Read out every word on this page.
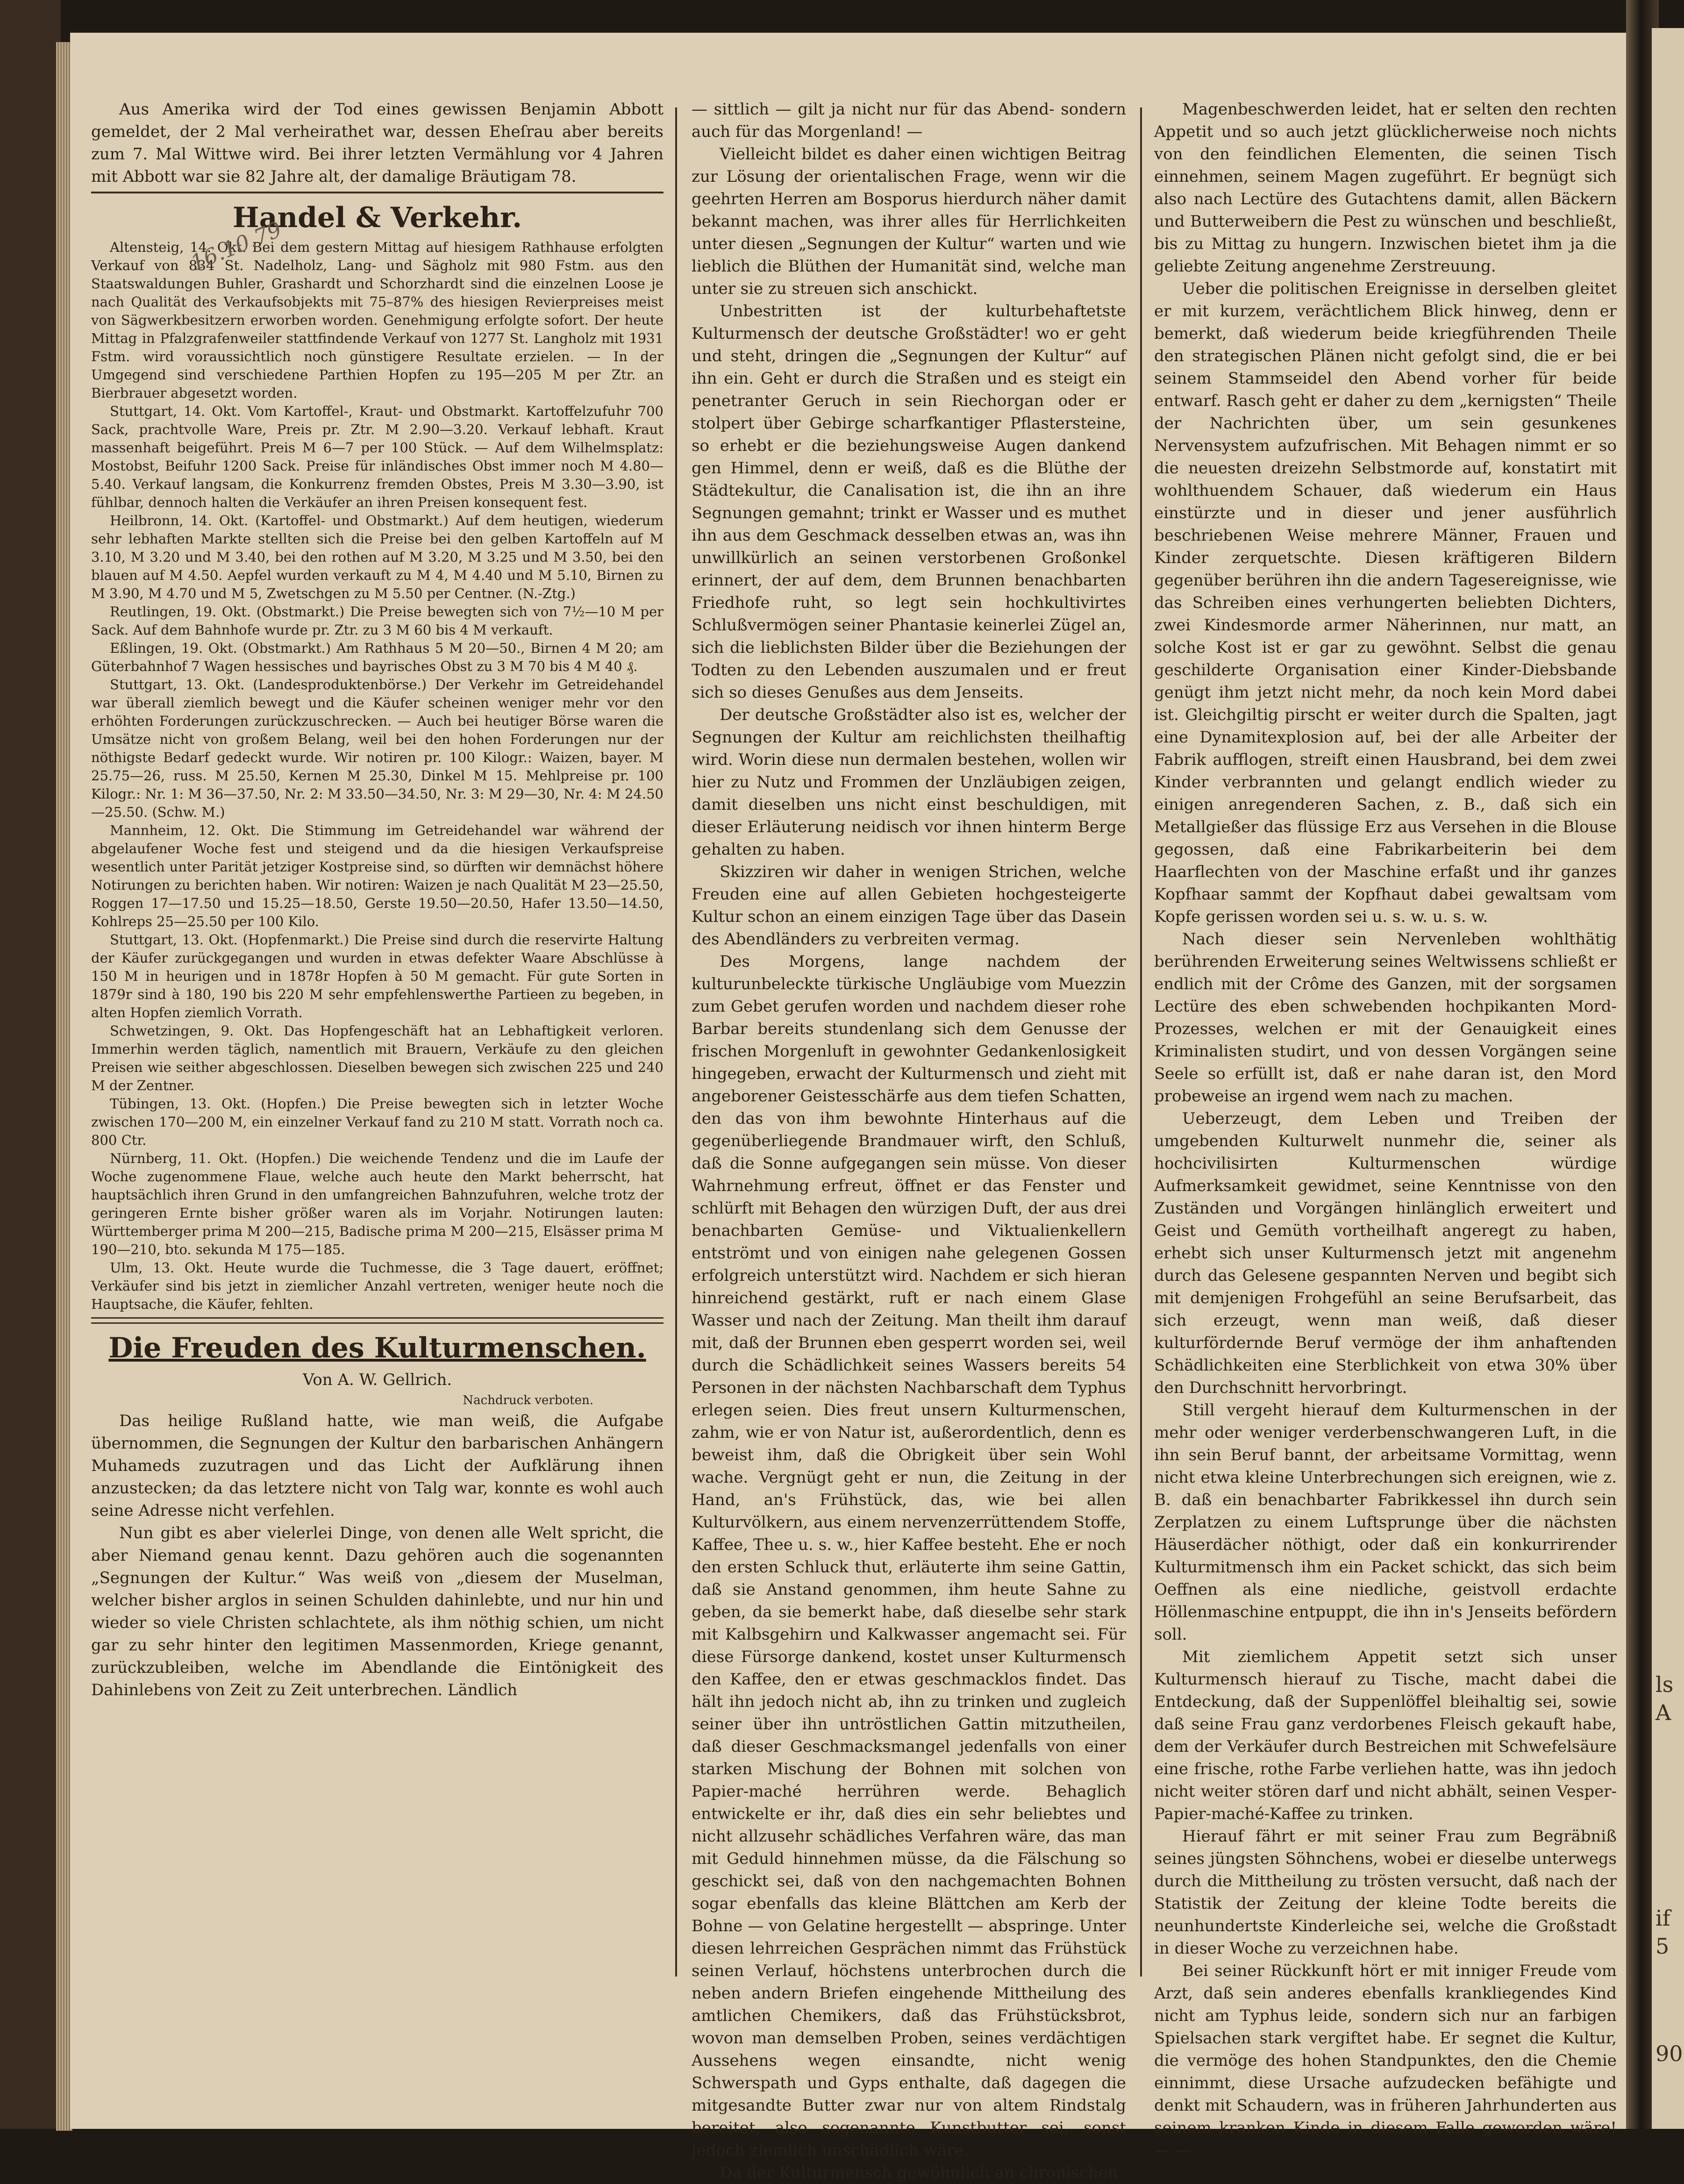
Aus Amerika wird der Tod eines gewissen Benjamin Abbott gemeldet, der 2 Mal verheirathet war, dessen Eheſrau aber bereits zum 7. Mal Wittwe wird. Bei ihrer letzten Vermählung vor 4 Jahren mit Abbott war sie 82 Jahre alt, der damalige Bräutigam 78.

Handel & Verkehr.

Altensteig, 14. Okt. Bei dem gestern Mittag auf hiesigem Rathhause erfolgten Verkauf von 834 St. Nadelholz, Lang- und Sägholz mit 980 Fstm. aus den Staatswaldungen Buhler, Grashardt und Schorzhardt sind die einzelnen Loose je nach Qualität des Verkaufsobjekts mit 75–87% des hiesigen Revierpreises meist von Sägwerkbesitzern erworben worden. Genehmigung erfolgte sofort. Der heute Mittag in Pfalzgrafenweiler stattfindende Verkauf von 1277 St. Langholz mit 1931 Fstm. wird voraussichtlich noch günstigere Resultate erzielen. — In der Umgegend sind verschiedene Parthien Hopfen zu 195—205 M per Ztr. an Bierbrauer abgesetzt worden.

Stuttgart, 14. Okt. Vom Kartoffel-, Kraut- und Obstmarkt. Kartoffelzufuhr 700 Sack, prachtvolle Ware, Preis pr. Ztr. M 2.90—3.20. Verkauf lebhaft. Kraut massenhaft beigeführt. Preis M 6—7 per 100 Stück. — Auf dem Wilhelmsplatz: Mostobst, Beifuhr 1200 Sack. Preise für inländisches Obst immer noch M 4.80—5.40. Verkauf langsam, die Konkurrenz fremden Obstes, Preis M 3.30—3.90, ist fühlbar, dennoch halten die Verkäufer an ihren Preisen konsequent fest.

Heilbronn, 14. Okt. (Kartoffel- und Obstmarkt.) Auf dem heutigen, wiederum sehr lebhaften Markte stellten sich die Preise bei den gelben Kartoffeln auf M 3.10, M 3.20 und M 3.40, bei den rothen auf M 3.20, M 3.25 und M 3.50, bei den blauen auf M 4.50. Aepfel wurden verkauft zu M 4, M 4.40 und M 5.10, Birnen zu M 3.90, M 4.70 und M 5, Zwetschgen zu M 5.50 per Centner. (N.-Ztg.)

Reutlingen, 19. Okt. (Obstmarkt.) Die Preise bewegten sich von 7½—10 M per Sack. Auf dem Bahnhofe wurde pr. Ztr. zu 3 M 60 bis 4 M verkauft.

Eßlingen, 19. Okt. (Obstmarkt.) Am Rathhaus 5 M 20—50., Birnen 4 M 20; am Güterbahnhof 7 Wagen hessisches und bayrisches Obst zu 3 M 70 bis 4 M 40 ₰.

Stuttgart, 13. Okt. (Landesproduktenbörse.) Der Verkehr im Getreidehandel war überall ziemlich bewegt und die Käufer scheinen weniger mehr vor den erhöhten Forderungen zurückzuschrecken. — Auch bei heutiger Börse waren die Umsätze nicht von großem Belang, weil bei den hohen Forderungen nur der nöthigste Bedarf gedeckt wurde. Wir notiren pr. 100 Kilogr.: Waizen, bayer. M 25.75—26, russ. M 25.50, Kernen M 25.30, Dinkel M 15. Mehlpreise pr. 100 Kilogr.: Nr. 1: M 36—37.50, Nr. 2: M 33.50—34.50, Nr. 3: M 29—30, Nr. 4: M 24.50—25.50. (Schw. M.)

Mannheim, 12. Okt. Die Stimmung im Getreidehandel war während der abgelaufener Woche fest und steigend und da die hiesigen Verkaufspreise wesentlich unter Parität jetziger Kostpreise sind, so dürften wir demnächst höhere Notirungen zu berichten haben. Wir notiren: Waizen je nach Qualität M 23—25.50, Roggen 17—17.50 und 15.25—18.50, Gerste 19.50—20.50, Hafer 13.50—14.50, Kohlreps 25—25.50 per 100 Kilo.

Stuttgart, 13. Okt. (Hopfenmarkt.) Die Preise sind durch die reservirte Haltung der Käufer zurückgegangen und wurden in etwas defekter Waare Abschlüsse à 150 M in heurigen und in 1878r Hopfen à 50 M gemacht. Für gute Sorten in 1879r sind à 180, 190 bis 220 M sehr empfehlenswerthe Partieen zu begeben, in alten Hopfen ziemlich Vorrath.

Schwetzingen, 9. Okt. Das Hopfengeschäft hat an Lebhaftigkeit verloren. Immerhin werden täglich, namentlich mit Brauern, Verkäufe zu den gleichen Preisen wie seither abgeschlossen. Dieselben bewegen sich zwischen 225 und 240 M der Zentner.

Tübingen, 13. Okt. (Hopfen.) Die Preise bewegten sich in letzter Woche zwischen 170—200 M, ein einzelner Verkauf fand zu 210 M statt. Vorrath noch ca. 800 Ctr.

Nürnberg, 11. Okt. (Hopfen.) Die weichende Tendenz und die im Laufe der Woche zugenommene Flaue, welche auch heute den Markt beherrscht, hat hauptsächlich ihren Grund in den umfangreichen Bahnzufuhren, welche trotz der geringeren Ernte bisher größer waren als im Vorjahr. Notirungen lauten: Württemberger prima M 200—215, Badische prima M 200—215, Elsässer prima M 190—210, bto. sekunda M 175—185.

Ulm, 13. Okt. Heute wurde die Tuchmesse, die 3 Tage dauert, eröffnet; Verkäufer sind bis jetzt in ziemlicher Anzahl vertreten, weniger heute noch die Hauptsache, die Käufer, fehlten.

Die Freuden des Kulturmenschen.
Von A. W. Gellrich.
Nachdruck verboten.

Das heilige Rußland hatte, wie man weiß, die Aufgabe übernommen, die Segnungen der Kultur den barbarischen Anhängern Muhameds zuzutragen und das Licht der Aufklärung ihnen anzustecken; da das letztere nicht von Talg war, konnte es wohl auch seine Adresse nicht verfehlen.

Nun gibt es aber vielerlei Dinge, von denen alle Welt spricht, die aber Niemand genau kennt. Dazu gehören auch die sogenannten „Segnungen der Kultur.“ Was weiß von „diesem der Muselman, welcher bisher arglos in seinen Schulden dahinlebte, und nur hin und wieder so viele Christen schlachtete, als ihm nöthig schien, um nicht gar zu sehr hinter den legitimen Massenmorden, Kriege genannt, zurückzubleiben, welche im Abendlande die Eintönigkeit des Dahinlebens von Zeit zu Zeit unterbrechen. Ländlich

— sittlich — gilt ja nicht nur für das Abend- sondern auch für das Morgenland! —

Vielleicht bildet es daher einen wichtigen Beitrag zur Lösung der orientalischen Frage, wenn wir die geehrten Herren am Bosporus hierdurch näher damit bekannt machen, was ihrer alles für Herrlichkeiten unter diesen „Segnungen der Kultur“ warten und wie lieblich die Blüthen der Humanität sind, welche man unter sie zu streuen sich anschickt.

Unbestritten ist der kulturbehaftetste Kulturmensch der deutsche Großstädter! wo er geht und steht, dringen die „Segnungen der Kultur“ auf ihn ein. Geht er durch die Straßen und es steigt ein penetranter Geruch in sein Riechorgan oder er stolpert über Gebirge scharfkantiger Pflastersteine, so erhebt er die beziehungsweise Augen dankend gen Himmel, denn er weiß, daß es die Blüthe der Städtekultur, die Canalisation ist, die ihn an ihre Segnungen gemahnt; trinkt er Wasser und es muthet ihn aus dem Geschmack desselben etwas an, was ihn unwillkürlich an seinen verstorbenen Großonkel erinnert, der auf dem, dem Brunnen benachbarten Friedhofe ruht, so legt sein hochkultivirtes Schlußvermögen seiner Phantasie keinerlei Zügel an, sich die lieblichsten Bilder über die Beziehungen der Todten zu den Lebenden auszumalen und er freut sich so dieses Genußes aus dem Jenseits.

Der deutsche Großstädter also ist es, welcher der Segnungen der Kultur am reichlichsten theilhaftig wird. Worin diese nun dermalen bestehen, wollen wir hier zu Nutz und Frommen der Unzläubigen zeigen, damit dieselben uns nicht einst beschuldigen, mit dieser Erläuterung neidisch vor ihnen hinterm Berge gehalten zu haben.

Skizziren wir daher in wenigen Strichen, welche Freuden eine auf allen Gebieten hochgesteigerte Kultur schon an einem einzigen Tage über das Dasein des Abendländers zu verbreiten vermag.

Des Morgens, lange nachdem der kulturunbeleckte türkische Ungläubige vom Muezzin zum Gebet gerufen worden und nachdem dieser rohe Barbar bereits stundenlang sich dem Genusse der frischen Morgenluft in gewohnter Gedankenlosigkeit hingegeben, erwacht der Kulturmensch und zieht mit angeborener Geistesschärfe aus dem tiefen Schatten, den das von ihm bewohnte Hinterhaus auf die gegenüberliegende Brandmauer wirft, den Schluß, daß die Sonne aufgegangen sein müsse. Von dieser Wahrnehmung erfreut, öffnet er das Fenster und schlürft mit Behagen den würzigen Duft, der aus drei benachbarten Gemüse- und Viktualienkellern entströmt und von einigen nahe gelegenen Gossen erfolgreich unterstützt wird. Nachdem er sich hieran hinreichend gestärkt, ruft er nach einem Glase Wasser und nach der Zeitung. Man theilt ihm darauf mit, daß der Brunnen eben gesperrt worden sei, weil durch die Schädlichkeit seines Wassers bereits 54 Personen in der nächsten Nachbarschaft dem Typhus erlegen seien. Dies freut unsern Kulturmenschen, zahm, wie er von Natur ist, außerordentlich, denn es beweist ihm, daß die Obrigkeit über sein Wohl wache. Vergnügt geht er nun, die Zeitung in der Hand, an's Frühstück, das, wie bei allen Kulturvölkern, aus einem nervenzerrüttendem Stoffe, Kaffee, Thee u. s. w., hier Kaffee besteht. Ehe er noch den ersten Schluck thut, erläuterte ihm seine Gattin, daß sie Anstand genommen, ihm heute Sahne zu geben, da sie bemerkt habe, daß dieselbe sehr stark mit Kalbsgehirn und Kalkwasser angemacht sei. Für diese Fürsorge dankend, kostet unser Kulturmensch den Kaffee, den er etwas geschmacklos findet. Das hält ihn jedoch nicht ab, ihn zu trinken und zugleich seiner über ihn untröstlichen Gattin mitzutheilen, daß dieser Geschmacksmangel jedenfalls von einer starken Mischung der Bohnen mit solchen von Papier-maché herrühren werde. Behaglich entwickelte er ihr, daß dies ein sehr beliebtes und nicht allzusehr schädliches Verfahren wäre, das man mit Geduld hinnehmen müsse, da die Fälschung so geschickt sei, daß von den nachgemachten Bohnen sogar ebenfalls das kleine Blättchen am Kerb der Bohne — von Gelatine hergestellt — abspringe. Unter diesen lehrreichen Gesprächen nimmt das Frühstück seinen Verlauf, höchstens unterbrochen durch die neben andern Briefen eingehende Mittheilung des amtlichen Chemikers, daß das Frühstücksbrot, wovon man demselben Proben, seines verdächtigen Aussehens wegen einsandte, nicht wenig Schwerspath und Gyps enthalte, daß dagegen die mitgesandte Butter zwar nur von altem Rindstalg bereitet, also sogenannte Kunstbutter sei, sonst jedoch ziemlich unschädlich wäre.

Da der Kulturmensch gewöhnlich an chronischen

Magenbeschwerden leidet, hat er selten den rechten Appetit und so auch jetzt glücklicherweise noch nichts von den feindlichen Elementen, die seinen Tisch einnehmen, seinem Magen zugeführt. Er begnügt sich also nach Lectüre des Gutachtens damit, allen Bäckern und Butterweibern die Pest zu wünschen und beschließt, bis zu Mittag zu hungern. Inzwischen bietet ihm ja die geliebte Zeitung angenehme Zerstreuung.

Ueber die politischen Ereignisse in derselben gleitet er mit kurzem, verächtlichem Blick hinweg, denn er bemerkt, daß wiederum beide kriegführenden Theile den strategischen Plänen nicht gefolgt sind, die er bei seinem Stammseidel den Abend vorher für beide entwarf. Rasch geht er daher zu dem „kernigsten“ Theile der Nachrichten über, um sein gesunkenes Nervensystem aufzufrischen. Mit Behagen nimmt er so die neuesten dreizehn Selbstmorde auf, konstatirt mit wohlthuendem Schauer, daß wiederum ein Haus einstürzte und in dieser und jener ausführlich beschriebenen Weise mehrere Männer, Frauen und Kinder zerquetschte. Diesen kräftigeren Bildern gegenüber berühren ihn die andern Tagesereignisse, wie das Schreiben eines verhungerten beliebten Dichters, zwei Kindesmorde armer Näherinnen, nur matt, an solche Kost ist er gar zu gewöhnt. Selbst die genau geschilderte Organisation einer Kinder-Diebsbande genügt ihm jetzt nicht mehr, da noch kein Mord dabei ist. Gleichgiltig pirscht er weiter durch die Spalten, jagt eine Dynamitexplosion auf, bei der alle Arbeiter der Fabrik aufflogen, streift einen Hausbrand, bei dem zwei Kinder verbrannten und gelangt endlich wieder zu einigen anregenderen Sachen, z. B., daß sich ein Metallgießer das flüssige Erz aus Versehen in die Blouse gegossen, daß eine Fabrikarbeiterin bei dem Haarflechten von der Maschine erfaßt und ihr ganzes Kopfhaar sammt der Kopfhaut dabei gewaltsam vom Kopfe gerissen worden sei u. s. w. u. s. w.

Nach dieser sein Nervenleben wohlthätig berührenden Erweiterung seines Weltwissens schließt er endlich mit der Crôme des Ganzen, mit der sorgsamen Lectüre des eben schwebenden hochpikanten Mord-Prozesses, welchen er mit der Genauigkeit eines Kriminalisten studirt, und von dessen Vorgängen seine Seele so erfüllt ist, daß er nahe daran ist, den Mord probeweise an irgend wem nach zu machen.

Ueberzeugt, dem Leben und Treiben der umgebenden Kulturwelt nunmehr die, seiner als hochcivilisirten Kulturmenschen würdige Aufmerksamkeit gewidmet, seine Kenntnisse von den Zuständen und Vorgängen hinlänglich erweitert und Geist und Gemüth vortheilhaft angeregt zu haben, erhebt sich unser Kulturmensch jetzt mit angenehm durch das Gelesene gespannten Nerven und begibt sich mit demjenigen Frohgefühl an seine Berufsarbeit, das sich erzeugt, wenn man weiß, daß dieser kulturfördernde Beruf vermöge der ihm anhaftenden Schädlichkeiten eine Sterblichkeit von etwa 30% über den Durchschnitt hervorbringt.

Still vergeht hierauf dem Kulturmenschen in der mehr oder weniger verderbenschwangeren Luft, in die ihn sein Beruf bannt, der arbeitsame Vormittag, wenn nicht etwa kleine Unterbrechungen sich ereignen, wie z. B. daß ein benachbarter Fabrikkessel ihn durch sein Zerplatzen zu einem Luftsprunge über die nächsten Häuserdächer nöthigt, oder daß ein konkurrirender Kulturmitmensch ihm ein Packet schickt, das sich beim Oeffnen als eine niedliche, geistvoll erdachte Höllenmaschine entpuppt, die ihn in's Jenseits befördern soll.

Mit ziemlichem Appetit setzt sich unser Kulturmensch hierauf zu Tische, macht dabei die Entdeckung, daß der Suppenlöffel bleihaltig sei, sowie daß seine Frau ganz verdorbenes Fleisch gekauft habe, dem der Verkäufer durch Bestreichen mit Schwefelsäure eine frische, rothe Farbe verliehen hatte, was ihn jedoch nicht weiter stören darf und nicht abhält, seinen Vesper-Papier-maché-Kaffee zu trinken.

Hierauf fährt er mit seiner Frau zum Begräbniß seines jüngsten Söhnchens, wobei er dieselbe unterwegs durch die Mittheilung zu trösten versucht, daß nach der Statistik der Zeitung der kleine Todte bereits die neunhundertste Kinderleiche sei, welche die Großstadt in dieser Woche zu verzeichnen habe.

Bei seiner Rückkunft hört er mit inniger Freude vom Arzt, daß sein anderes ebenfalls krankliegendes Kind nicht am Typhus leide, sondern sich nur an farbigen Spielsachen stark vergiftet habe. Er segnet die Kultur, die vermöge des hohen Standpunktes, den die Chemie einnimmt, diese Ursache aufzudecken befähigte und denkt mit Schaudern, was in früheren Jahrhunderten aus seinem kranken Kinde in diesem Falle geworden wäre! — —

16.10.79
ls
A
if
5
90
